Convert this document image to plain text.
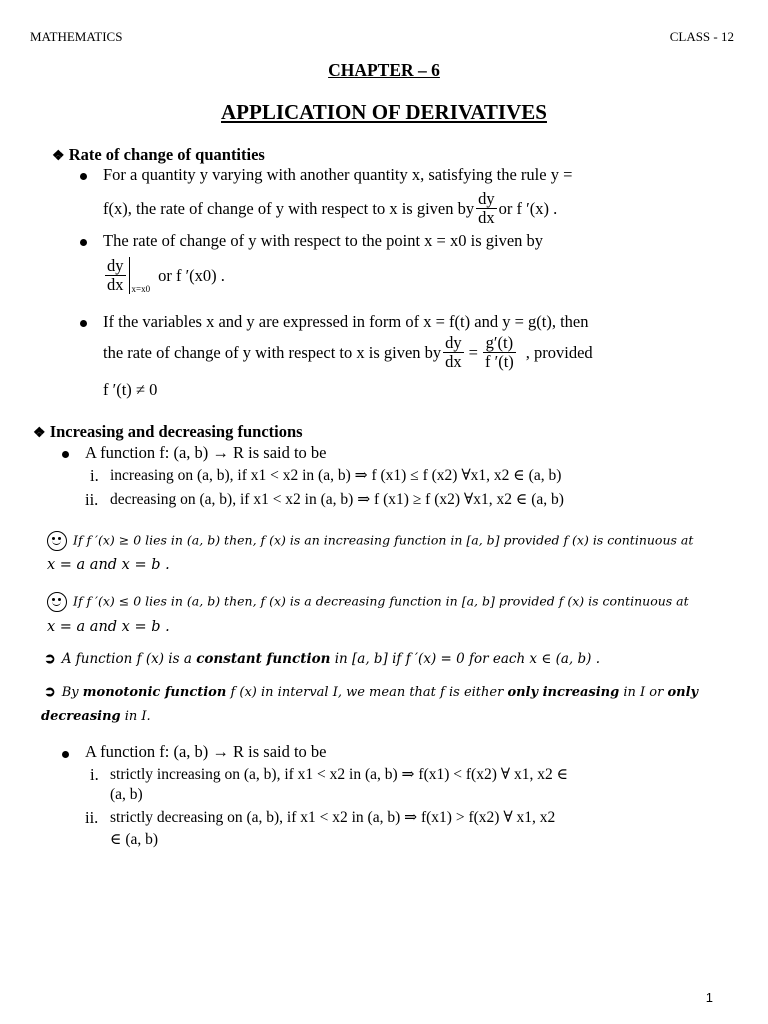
MATHEMATICS	CLASS - 12
CHAPTER – 6
APPLICATION OF DERIVATIVES
❖ Rate of change of quantities
For a quantity y varying with another quantity x, satisfying the rule y =
f(x), the rate of change of y with respect to x is given by $\frac{dy}{dx}$ or f ′(x) .
The rate of change of y with respect to the point x = x0 is given by
$\frac{dy}{dx} x=x0$
or f ′(x0) .
If the variables x and y are expressed in form of x = f(t) and y = g(t), then
the rate of change of y with respect to x is given by $\frac{dy}{dx} = \frac{g'(t)}{f '(t)}$ , provided
f ′(t) ≠ 0
❖ Increasing and decreasing functions
A function f: (a, b) → R is said to be
i. increasing on (a, b), if x1 < x2 in (a, b) ⇒ f (x1) ≤ f (x2) ∀x1, x2 ∈ (a, b)
ii. decreasing on (a, b), if x1 < x2 in (a, b) ⇒ f (x1) ≥ f (x2) ∀x1, x2 ∈ (a, b)
If f ′(x) ≥ 0 lies in (a, b) then, f (x) is an increasing function in [a, b] provided f (x) is continuous at
x = a and x = b .
If f ′(x) ≤ 0 lies in (a, b) then, f (x) is a decreasing function in [a, b] provided f (x) is continuous at
x = a and x = b .
➲ A function f (x) is a constant function in [a, b] if f ′(x) = 0 for each x ∈ (a, b) .
➲ By monotonic function f (x) in interval I, we mean that f is either only increasing in I or only
decreasing in I.
A function f: (a, b) → R is said to be
i. strictly increasing on (a, b), if x1 < x2 in (a, b) ⇒ f(x1) < f(x2) ∀ x1, x2 ∈
(a, b)
ii. strictly decreasing on (a, b), if x1 < x2 in (a, b) ⇒ f(x1) > f(x2) ∀ x1, x2
∈ (a, b)
1
